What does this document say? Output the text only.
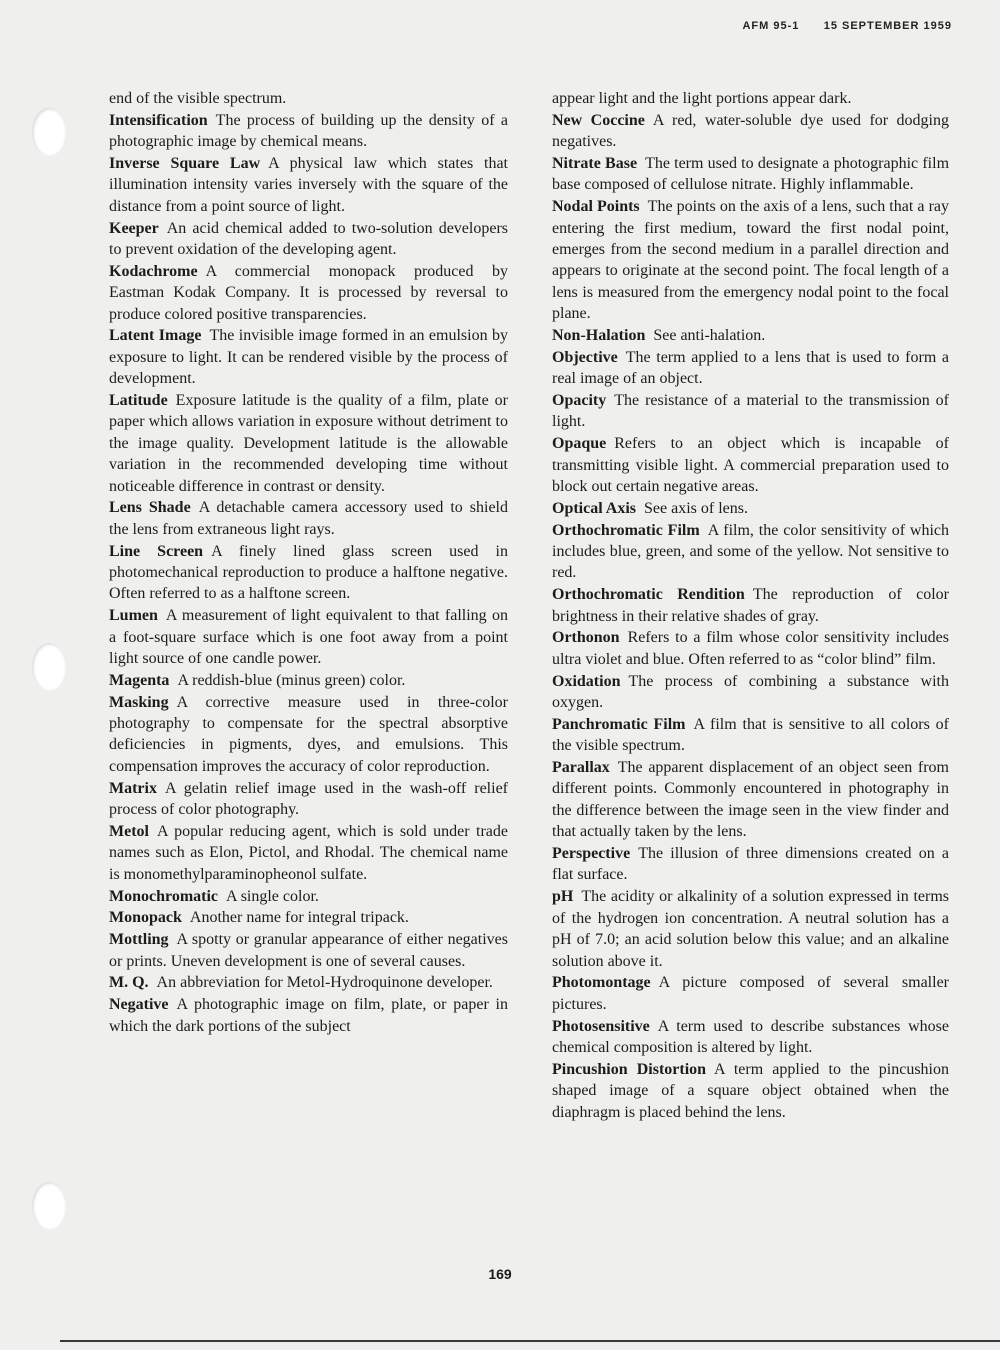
AFM 95-1 15 SEPTEMBER 1959
end of the visible spectrum.
Intensification The process of building up the density of a photographic image by chemical means.
Inverse Square Law A physical law which states that illumination intensity varies inversely with the square of the distance from a point source of light.
Keeper An acid chemical added to two-solution developers to prevent oxidation of the developing agent.
Kodachrome A commercial monopack produced by Eastman Kodak Company. It is processed by reversal to produce colored positive transparencies.
Latent Image The invisible image formed in an emulsion by exposure to light. It can be rendered visible by the process of development.
Latitude Exposure latitude is the quality of a film, plate or paper which allows variation in exposure without detriment to the image quality. Development latitude is the allowable variation in the recommended developing time without noticeable difference in contrast or density.
Lens Shade A detachable camera accessory used to shield the lens from extraneous light rays.
Line Screen A finely lined glass screen used in photomechanical reproduction to produce a halftone negative. Often referred to as a halftone screen.
Lumen A measurement of light equivalent to that falling on a foot-square surface which is one foot away from a point light source of one candle power.
Magenta A reddish-blue (minus green) color.
Masking A corrective measure used in three-color photography to compensate for the spectral absorptive deficiencies in pigments, dyes, and emulsions. This compensation improves the accuracy of color reproduction.
Matrix A gelatin relief image used in the wash-off relief process of color photography.
Metol A popular reducing agent, which is sold under trade names such as Elon, Pictol, and Rhodal. The chemical name is monomethylparaminopheonol sulfate.
Monochromatic A single color.
Monopack Another name for integral tripack.
Mottling A spotty or granular appearance of either negatives or prints. Uneven development is one of several causes.
M. Q. An abbreviation for Metol-Hydroquinone developer.
Negative A photographic image on film, plate, or paper in which the dark portions of the subject
appear light and the light portions appear dark.
New Coccine A red, water-soluble dye used for dodging negatives.
Nitrate Base The term used to designate a photographic film base composed of cellulose nitrate. Highly inflammable.
Nodal Points The points on the axis of a lens, such that a ray entering the first medium, toward the first nodal point, emerges from the second medium in a parallel direction and appears to originate at the second point. The focal length of a lens is measured from the emergency nodal point to the focal plane.
Non-Halation See anti-halation.
Objective The term applied to a lens that is used to form a real image of an object.
Opacity The resistance of a material to the transmission of light.
Opaque Refers to an object which is incapable of transmitting visible light. A commercial preparation used to block out certain negative areas.
Optical Axis See axis of lens.
Orthochromatic Film A film, the color sensitivity of which includes blue, green, and some of the yellow. Not sensitive to red.
Orthochromatic Rendition The reproduction of color brightness in their relative shades of gray.
Orthonon Refers to a film whose color sensitivity includes ultra violet and blue. Often referred to as “color blind” film.
Oxidation The process of combining a substance with oxygen.
Panchromatic Film A film that is sensitive to all colors of the visible spectrum.
Parallax The apparent displacement of an object seen from different points. Commonly encountered in photography in the difference between the image seen in the view finder and that actually taken by the lens.
Perspective The illusion of three dimensions created on a flat surface.
pH The acidity or alkalinity of a solution expressed in terms of the hydrogen ion concentration. A neutral solution has a pH of 7.0; an acid solution below this value; and an alkaline solution above it.
Photomontage A picture composed of several smaller pictures.
Photosensitive A term used to describe substances whose chemical composition is altered by light.
Pincushion Distortion A term applied to the pincushion shaped image of a square object obtained when the diaphragm is placed behind the lens.
169
